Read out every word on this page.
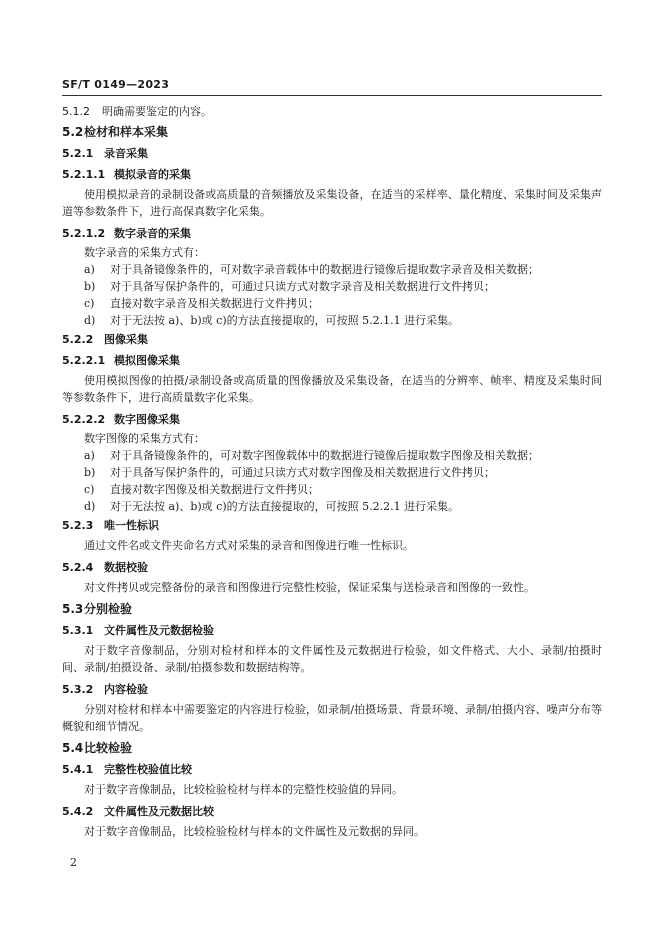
SF/T 0149—2023
5.1.2 明确需要鉴定的内容。
5.2检材和样本采集
5.2.1 录音采集
5.2.1.1 模拟录音的采集
使用模拟录音的录制设备或高质量的音频播放及采集设备，在适当的采样率、量化精度、采集时间及采集声道等参数条件下，进行高保真数字化采集。
5.2.1.2 数字录音的采集
数字录音的采集方式有：
a) 对于具备镜像条件的，可对数字录音载体中的数据进行镜像后提取数字录音及相关数据；
b) 对于具备写保护条件的，可通过只读方式对数字录音及相关数据进行文件拷贝；
c) 直接对数字录音及相关数据进行文件拷贝；
d) 对于无法按 a)、b)或 c)的方法直接提取的，可按照 5.2.1.1 进行采集。
5.2.2 图像采集
5.2.2.1 模拟图像采集
使用模拟图像的拍摄/录制设备或高质量的图像播放及采集设备，在适当的分辨率、帧率、精度及采集时间等参数条件下，进行高质量数字化采集。
5.2.2.2 数字图像采集
数字图像的采集方式有：
a) 对于具备镜像条件的，可对数字图像载体中的数据进行镜像后提取数字图像及相关数据；
b) 对于具备写保护条件的，可通过只读方式对数字图像及相关数据进行文件拷贝；
c) 直接对数字图像及相关数据进行文件拷贝；
d) 对于无法按 a)、b)或 c)的方法直接提取的，可按照 5.2.2.1 进行采集。
5.2.3 唯一性标识
通过文件名或文件夹命名方式对采集的录音和图像进行唯一性标识。
5.2.4 数据校验
对文件拷贝或完整备份的录音和图像进行完整性校验，保证采集与送检录音和图像的一致性。
5.3分别检验
5.3.1 文件属性及元数据检验
对于数字音像制品，分别对检材和样本的文件属性及元数据进行检验，如文件格式、大小、录制/拍摄时间、录制/拍摄设备、录制/拍摄参数和数据结构等。
5.3.2 内容检验
分别对检材和样本中需要鉴定的内容进行检验，如录制/拍摄场景、背景环境、录制/拍摄内容、噪声分布等概貌和细节情况。
5.4比较检验
5.4.1 完整性校验值比较
对于数字音像制品，比较检验检材与样本的完整性校验值的异同。
5.4.2 文件属性及元数据比较
对于数字音像制品，比较检验检材与样本的文件属性及元数据的异同。
2
